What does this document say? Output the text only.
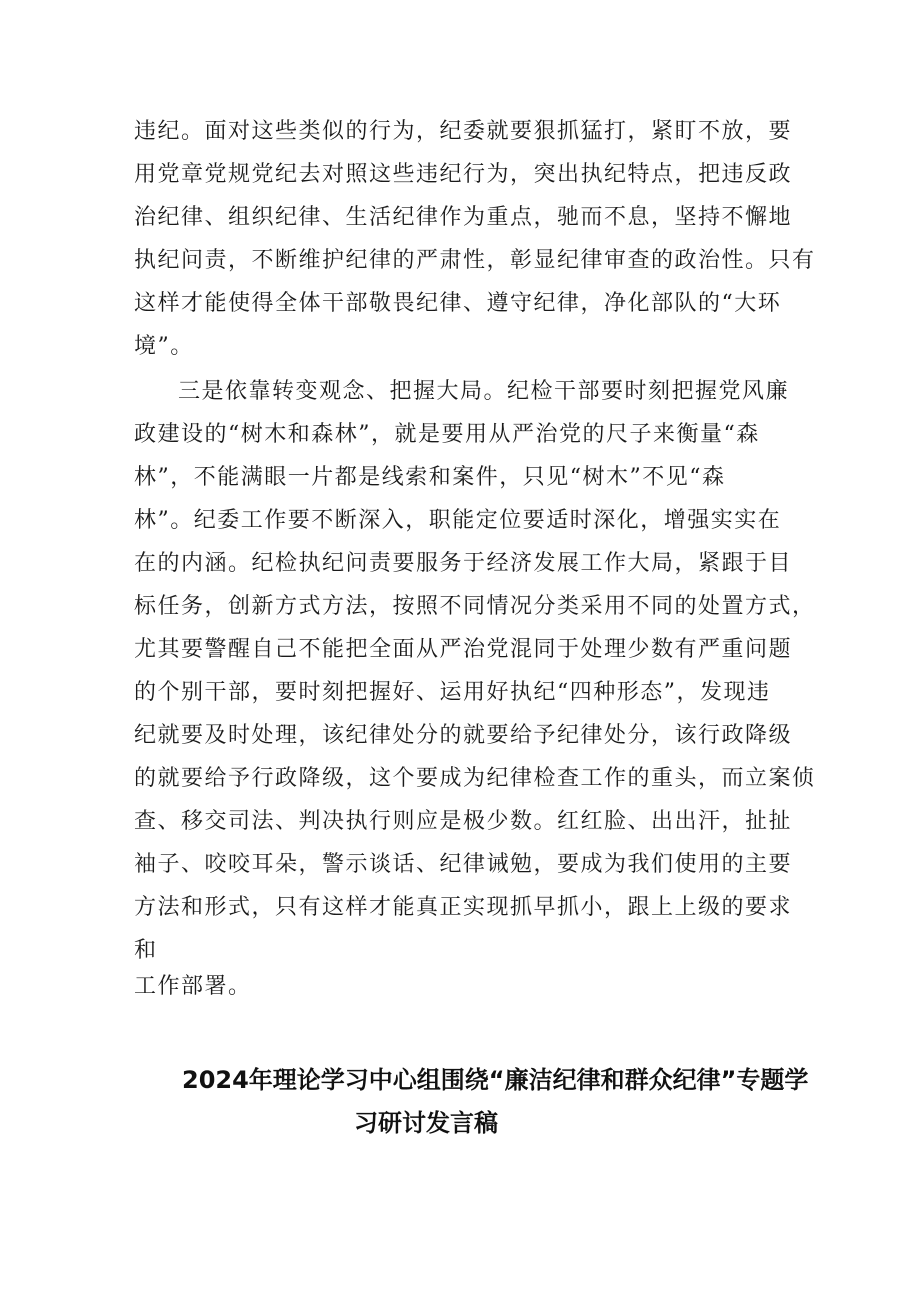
违纪。面对这些类似的行为，纪委就要狠抓猛打，紧盯不放，要
用党章党规党纪去对照这些违纪行为，突出执纪特点，把违反政
治纪律、组织纪律、生活纪律作为重点，驰而不息，坚持不懈地
执纪问责，不断维护纪律的严肃性，彰显纪律审查的政治性。只有
这样才能使得全体干部敬畏纪律、遵守纪律，净化部队的“大环
境”。
三是依靠转变观念、把握大局。纪检干部要时刻把握党风廉
政建设的“树木和森林”，就是要用从严治党的尺子来衡量“森
林”，不能满眼一片都是线索和案件，只见“树木”不见“森
林”。纪委工作要不断深入，职能定位要适时深化，增强实实在
在的内涵。纪检执纪问责要服务于经济发展工作大局，紧跟于目
标任务，创新方式方法，按照不同情况分类采用不同的处置方式，
尤其要警醒自己不能把全面从严治党混同于处理少数有严重问题
的个别干部，要时刻把握好、运用好执纪“四种形态”，发现违
纪就要及时处理，该纪律处分的就要给予纪律处分，该行政降级
的就要给予行政降级，这个要成为纪律检查工作的重头，而立案侦
查、移交司法、判决执行则应是极少数。红红脸、出出汗，扯扯
袖子、咬咬耳朵，警示谈话、纪律诫勉，要成为我们使用的主要
方法和形式，只有这样才能真正实现抓早抓小，跟上上级的要求
和
工作部署。
2024年理论学习中心组围绕“廉洁纪律和群众纪律”专题学
习研讨发言稿
